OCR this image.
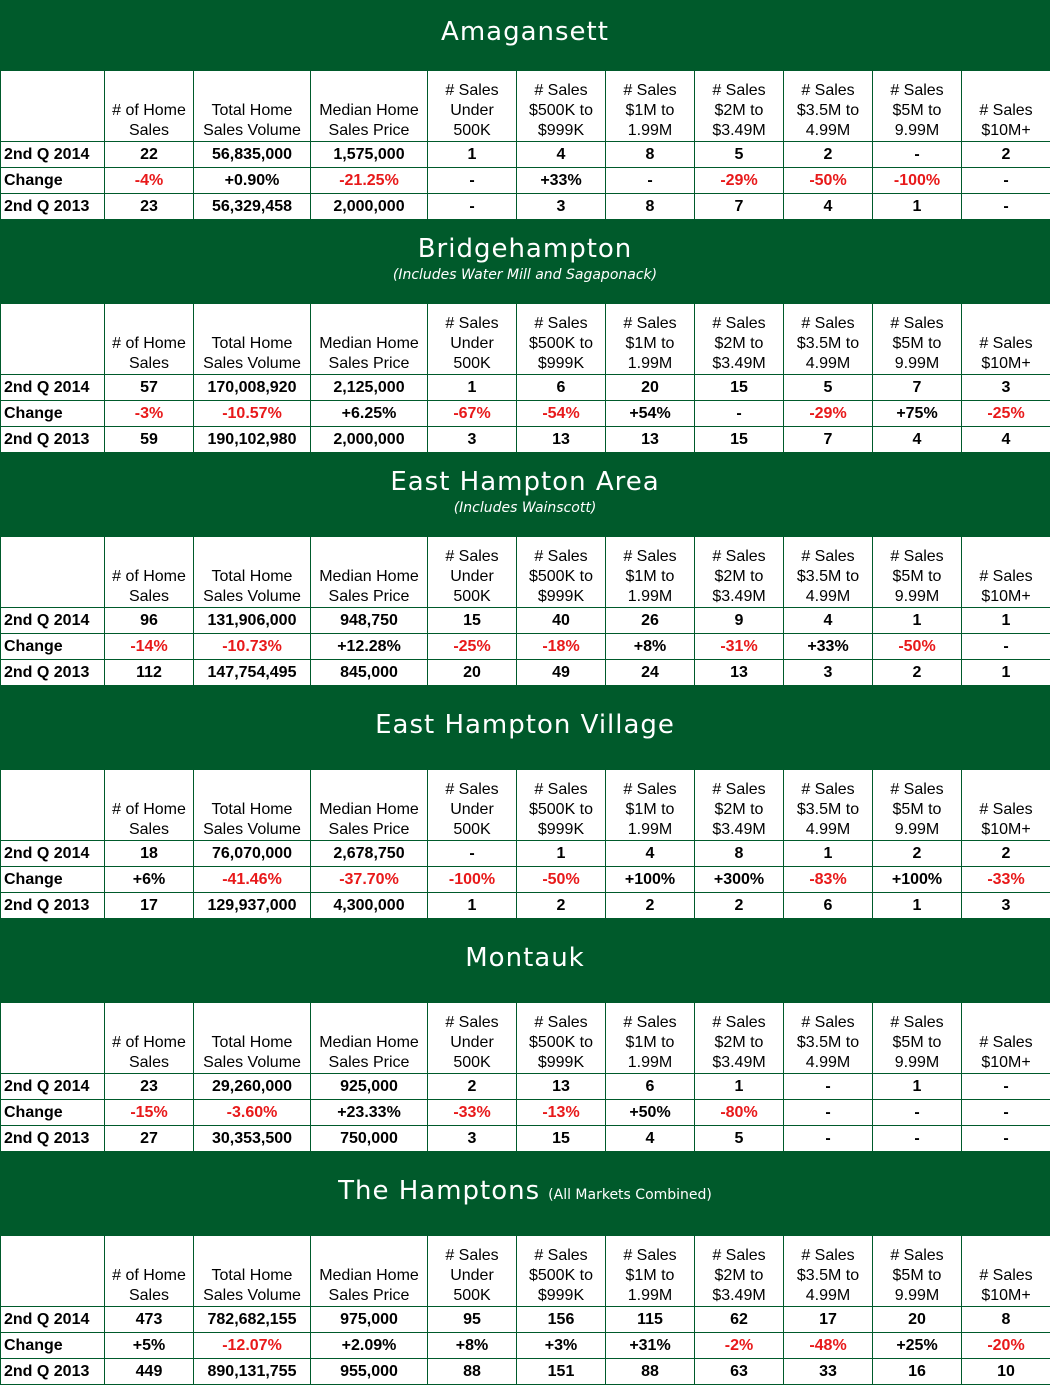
Amagansett
	# of Home
Sales	Total Home
Sales Volume	Median Home
Sales Price	# Sales
Under
500K	# Sales
$500K to
$999K	# Sales
$1M to
1.99M	# Sales
$2M to
$3.49M	# Sales
$3.5M to
4.99M	# Sales
$5M to
9.99M	# Sales
$10M+
2nd Q 2014	22	56,835,000	1,575,000	1	4	8	5	2	-	2
Change	-4%	+0.90%	-21.25%	-	+33%	-	-29%	-50%	-100%	-
2nd Q 2013	23	56,329,458	2,000,000	-	3	8	7	4	1	-
Bridgehampton
(Includes Water Mill and Sagaponack)
	# of Home
Sales	Total Home
Sales Volume	Median Home
Sales Price	# Sales
Under
500K	# Sales
$500K to
$999K	# Sales
$1M to
1.99M	# Sales
$2M to
$3.49M	# Sales
$3.5M to
4.99M	# Sales
$5M to
9.99M	# Sales
$10M+
2nd Q 2014	57	170,008,920	2,125,000	1	6	20	15	5	7	3
Change	-3%	-10.57%	+6.25%	-67%	-54%	+54%	-	-29%	+75%	-25%
2nd Q 2013	59	190,102,980	2,000,000	3	13	13	15	7	4	4
East Hampton Area
(Includes Wainscott)
	# of Home
Sales	Total Home
Sales Volume	Median Home
Sales Price	# Sales
Under
500K	# Sales
$500K to
$999K	# Sales
$1M to
1.99M	# Sales
$2M to
$3.49M	# Sales
$3.5M to
4.99M	# Sales
$5M to
9.99M	# Sales
$10M+
2nd Q 2014	96	131,906,000	948,750	15	40	26	9	4	1	1
Change	-14%	-10.73%	+12.28%	-25%	-18%	+8%	-31%	+33%	-50%	-
2nd Q 2013	112	147,754,495	845,000	20	49	24	13	3	2	1
East Hampton Village
	# of Home
Sales	Total Home
Sales Volume	Median Home
Sales Price	# Sales
Under
500K	# Sales
$500K to
$999K	# Sales
$1M to
1.99M	# Sales
$2M to
$3.49M	# Sales
$3.5M to
4.99M	# Sales
$5M to
9.99M	# Sales
$10M+
2nd Q 2014	18	76,070,000	2,678,750	-	1	4	8	1	2	2
Change	+6%	-41.46%	-37.70%	-100%	-50%	+100%	+300%	-83%	+100%	-33%
2nd Q 2013	17	129,937,000	4,300,000	1	2	2	2	6	1	3
Montauk
	# of Home
Sales	Total Home
Sales Volume	Median Home
Sales Price	# Sales
Under
500K	# Sales
$500K to
$999K	# Sales
$1M to
1.99M	# Sales
$2M to
$3.49M	# Sales
$3.5M to
4.99M	# Sales
$5M to
9.99M	# Sales
$10M+
2nd Q 2014	23	29,260,000	925,000	2	13	6	1	-	1	-
Change	-15%	-3.60%	+23.33%	-33%	-13%	+50%	-80%	-	-	-
2nd Q 2013	27	30,353,500	750,000	3	15	4	5	-	-	-
The Hamptons (All Markets Combined)
	# of Home
Sales	Total Home
Sales Volume	Median Home
Sales Price	# Sales
Under
500K	# Sales
$500K to
$999K	# Sales
$1M to
1.99M	# Sales
$2M to
$3.49M	# Sales
$3.5M to
4.99M	# Sales
$5M to
9.99M	# Sales
$10M+
2nd Q 2014	473	782,682,155	975,000	95	156	115	62	17	20	8
Change	+5%	-12.07%	+2.09%	+8%	+3%	+31%	-2%	-48%	+25%	-20%
2nd Q 2013	449	890,131,755	955,000	88	151	88	63	33	16	10
